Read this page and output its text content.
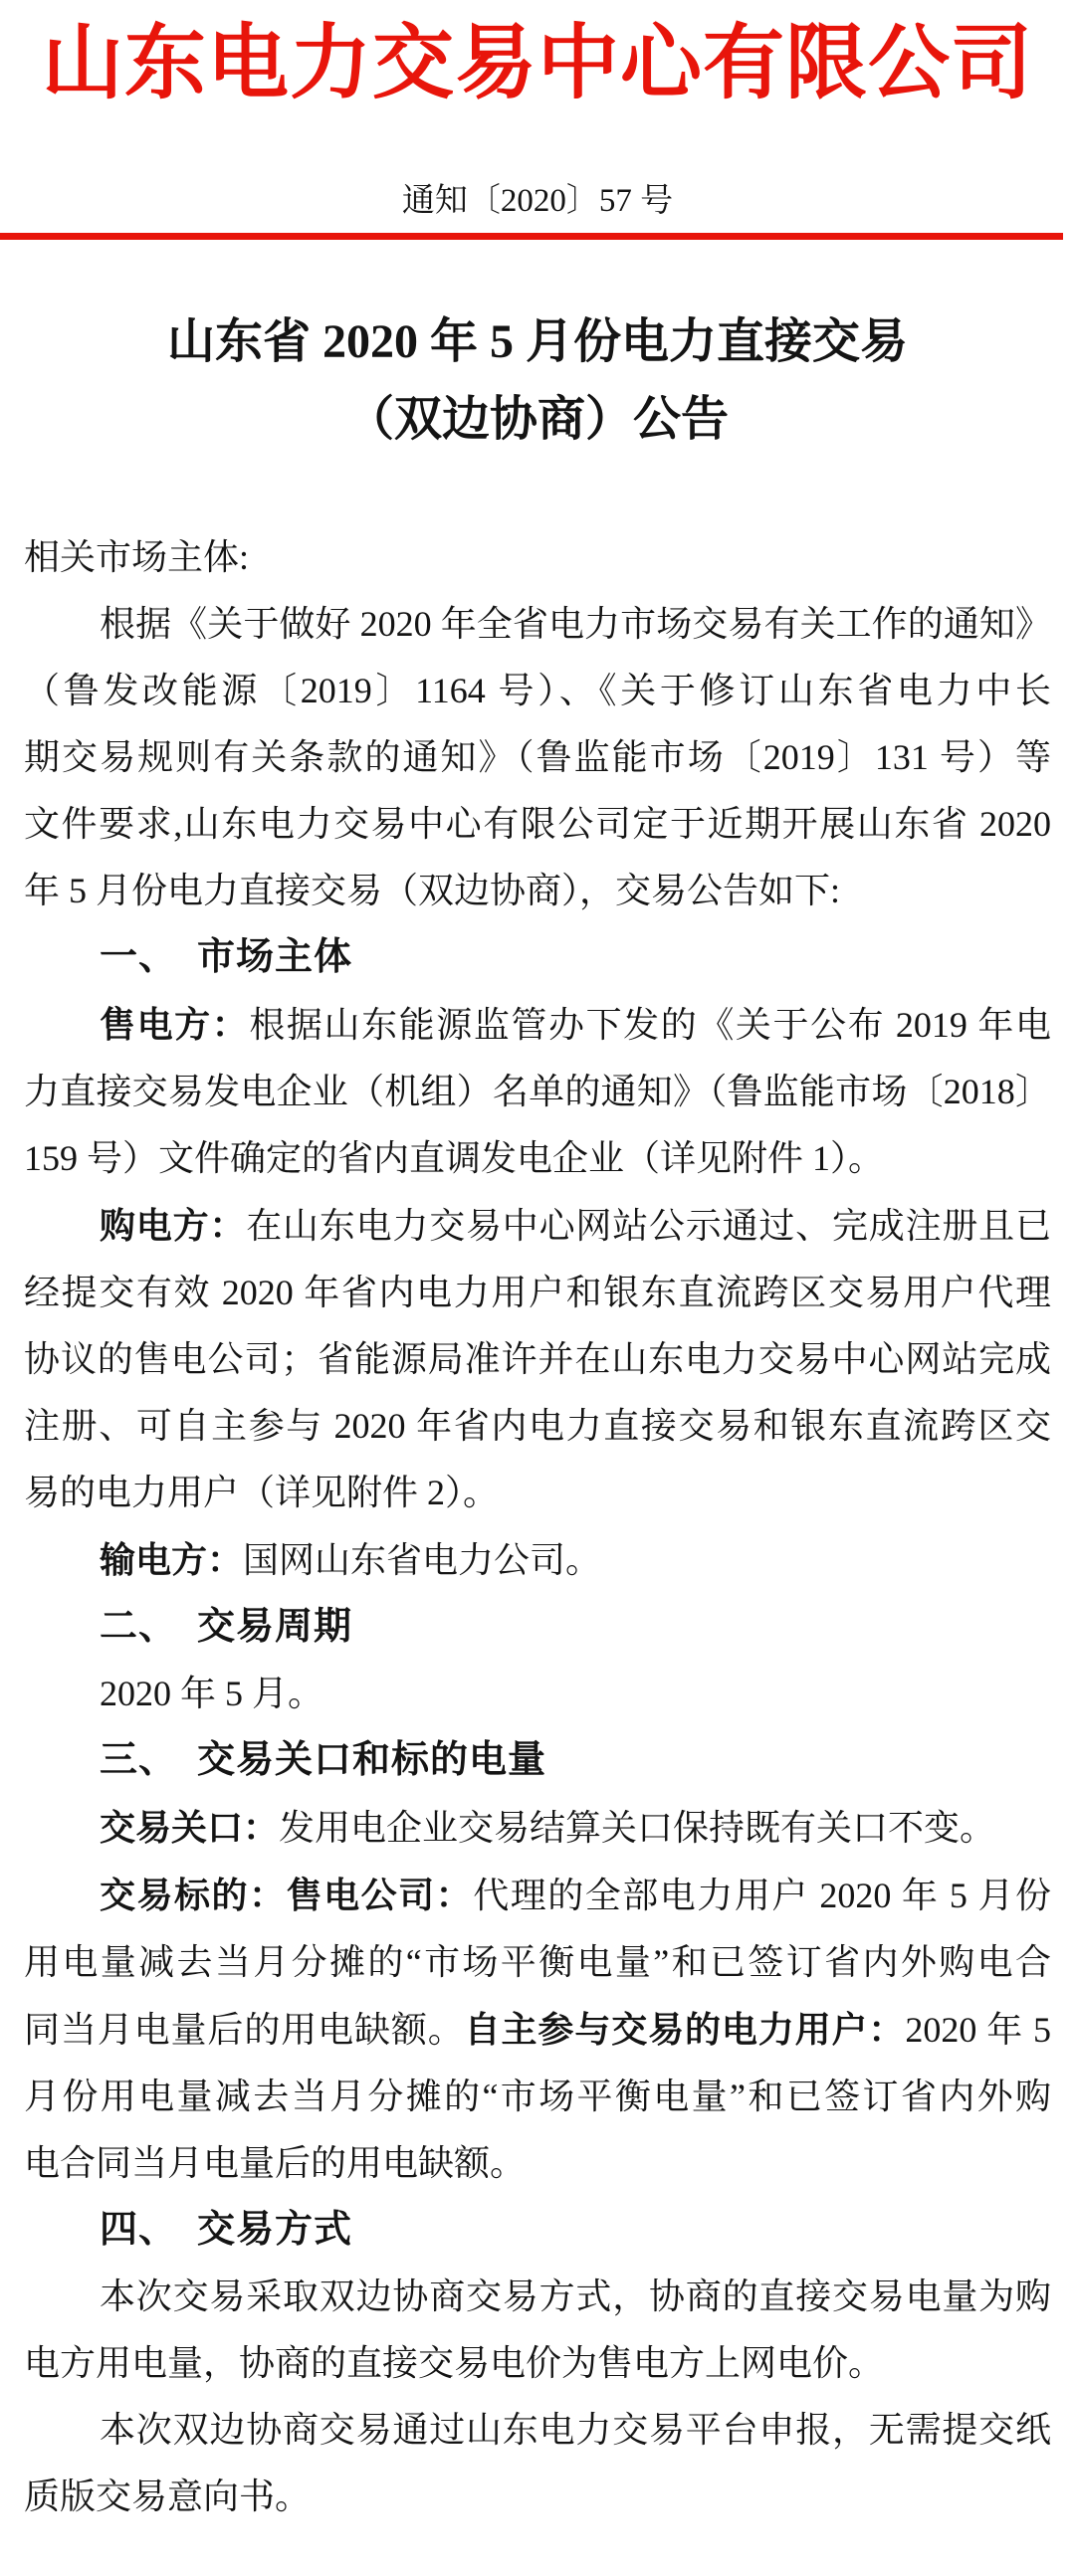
山东电力交易中心有限公司
通知〔2020〕57 号
山东省 2020 年 5 月份电力直接交易
（双边协商）公告
相关市场主体:
根据《关于做好 2020 年全省电力市场交易有关工作的通知》
（鲁发改能源〔2019〕1164 号）、《关于修订山东省电力中长
期交易规则有关条款的通知》（鲁监能市场〔2019〕131 号）等
文件要求,山东电力交易中心有限公司定于近期开展山东省 2020
年 5 月份电力直接交易（双边协商），交易公告如下:
一、　市场主体
售电方：根据山东能源监管办下发的《关于公布 2019 年电
力直接交易发电企业（机组）名单的通知》（鲁监能市场〔2018〕
159 号）文件确定的省内直调发电企业（详见附件 1）。
购电方：在山东电力交易中心网站公示通过、完成注册且已
经提交有效 2020 年省内电力用户和银东直流跨区交易用户代理
协议的售电公司；省能源局准许并在山东电力交易中心网站完成
注册、可自主参与 2020 年省内电力直接交易和银东直流跨区交
易的电力用户（详见附件 2）。
输电方：国网山东省电力公司。
二、　交易周期
2020 年 5 月。
三、　交易关口和标的电量
交易关口：发用电企业交易结算关口保持既有关口不变。
交易标的：售电公司：代理的全部电力用户 2020 年 5 月份
用电量减去当月分摊的“市场平衡电量”和已签订省内外购电合
同当月电量后的用电缺额。自主参与交易的电力用户：2020 年 5
月份用电量减去当月分摊的“市场平衡电量”和已签订省内外购
电合同当月电量后的用电缺额。
四、　交易方式
本次交易采取双边协商交易方式，协商的直接交易电量为购
电方用电量，协商的直接交易电价为售电方上网电价。
本次双边协商交易通过山东电力交易平台申报，无需提交纸
质版交易意向书。
